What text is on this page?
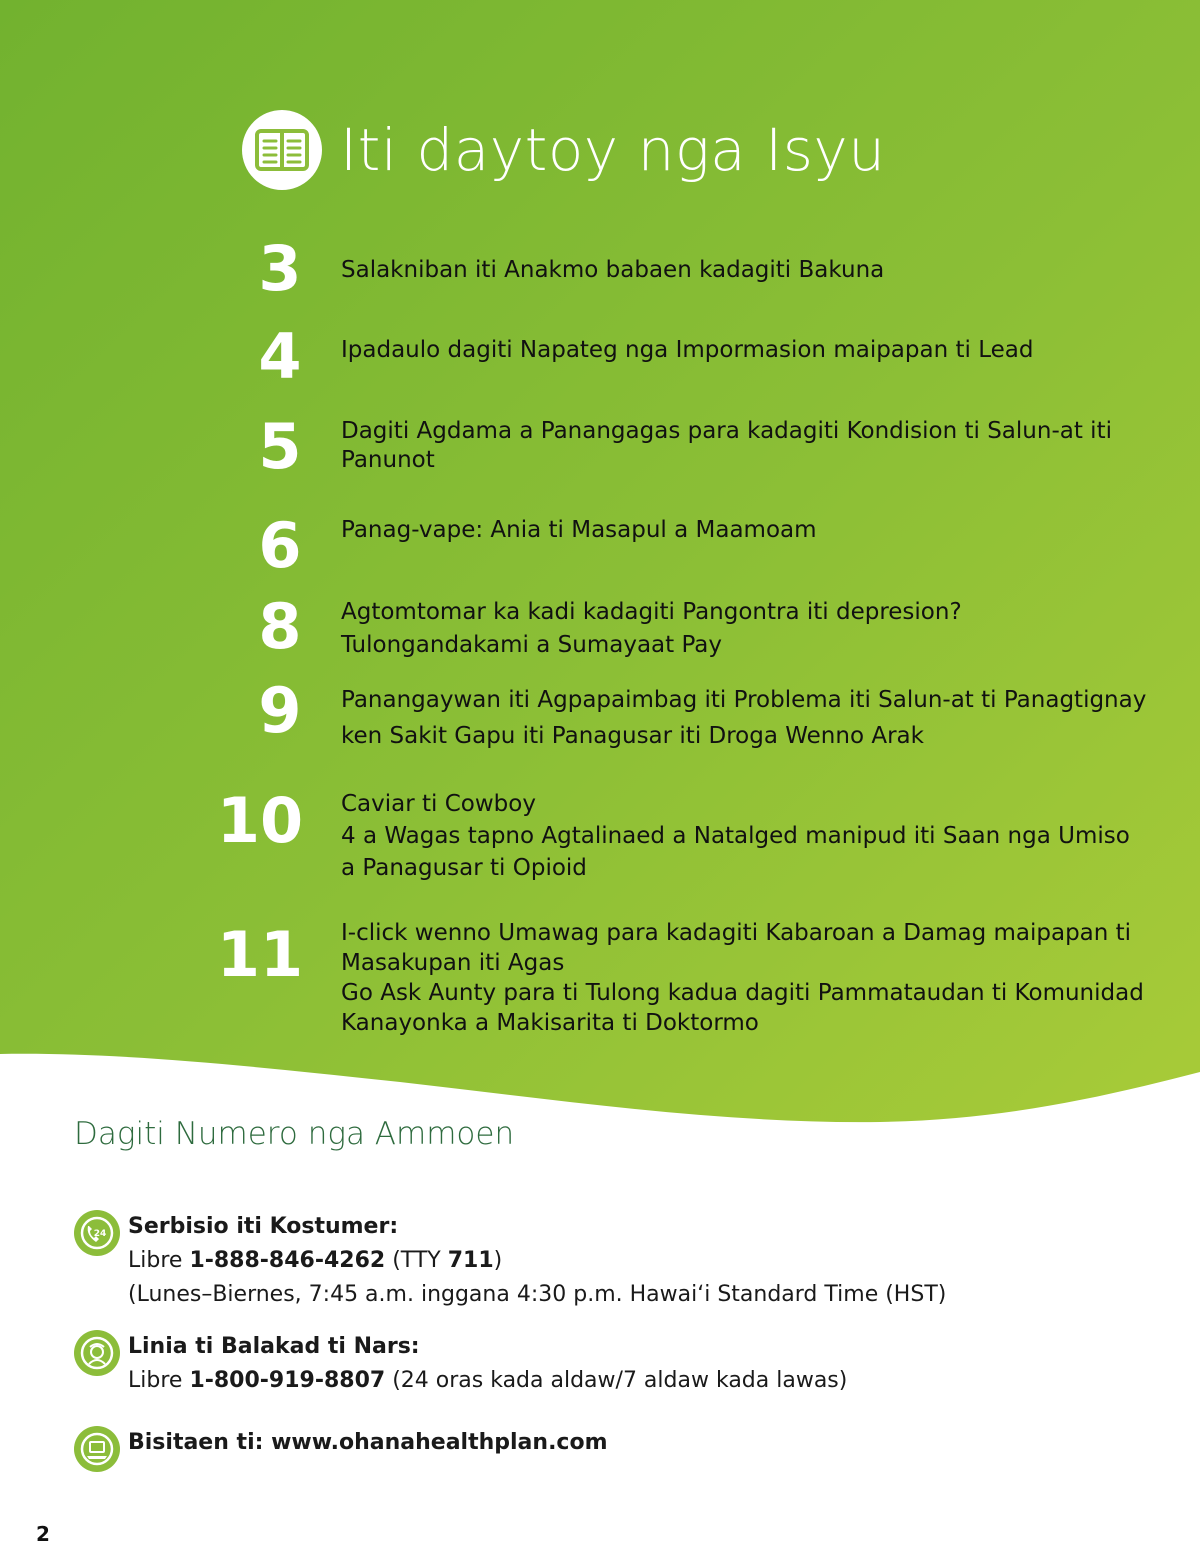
Iti daytoy nga Isyu
3	Salakniban iti Anakmo babaen kadagiti Bakuna
4	Ipadaulo dagiti Napateg nga Impormasion maipapan ti Lead
5	Dagiti Agdama a Panangagas para kadagiti Kondision ti Salun-at iti
Panunot
6	Panag-vape: Ania ti Masapul a Maamoam
8	Agtomtomar ka kadi kadagiti Pangontra iti depresion?
Tulongandakami a Sumayaat Pay
9	Panangaywan iti Agpapaimbag iti Problema iti Salun-at ti Panagtignay
ken Sakit Gapu iti Panagusar iti Droga Wenno Arak
10 Caviar ti Cowboy
4 a Wagas tapno Agtalinaed a Natalged manipud iti Saan nga Umiso
a Panagusar ti Opioid
11 I-click wenno Umawag para kadagiti Kabaroan a Damag maipapan ti
Masakupan iti Agas
Go Ask Aunty para ti Tulong kadua dagiti Pammataudan ti Komunidad
Kanayonka a Makisarita ti Doktormo
Dagiti Numero nga Ammoen
24 Serbisio iti Kostumer:
Libre 1-888-846-4262 (TTY 711)
(Lunes–Biernes, 7:45 a.m. inggana 4:30 p.m. Hawaiʻi Standard Time (HST)
Linia ti Balakad ti Nars:
Libre 1-800-919-8807 (24 oras kada aldaw/7 aldaw kada lawas)
Bisitaen ti: www.ohanahealthplan.com
2
